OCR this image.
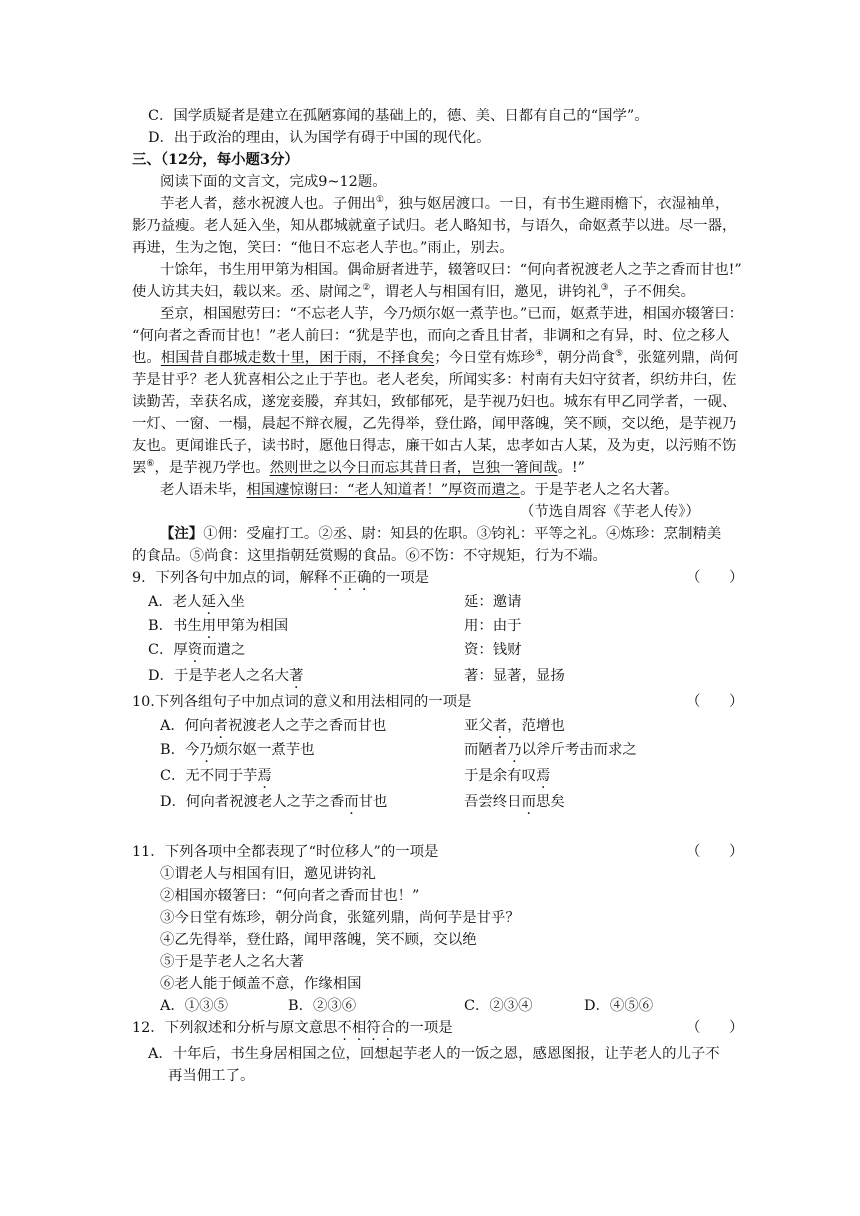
C．国学质疑者是建立在孤陋寡闻的基础上的，德、美、日都有自己的“国学”。
D．出于政治的理由，认为国学有碍于中国的现代化。
三、（12分，每小题3分）
阅读下面的文言文，完成9~12题。
芋老人者，慈水祝渡人也。子佣出①，独与妪居渡口。一日，有书生避雨檐下，衣湿袖单，
影乃益瘦。老人延入坐，知从郡城就童子试归。老人略知书，与语久，命妪煮芋以进。尽一器，
再进，生为之饱，笑曰：“他日不忘老人芋也。”雨止，别去。
十馀年，书生用甲第为相国。偶命厨者进芋，辍箸叹曰：“何向者祝渡老人之芋之香而甘也!”
使人访其夫妇，载以来。丞、尉闻之②，谓老人与相国有旧，邀见，讲钧礼③，子不佣矣。
至京，相国慰劳曰：“不忘老人芋，今乃烦尔妪一煮芋也。”已而，妪煮芋进，相国亦辍箸曰：
“何向者之香而甘也！”老人前曰：“犹是芋也，而向之香且甘者，非调和之有异，时、位之移人
也。相国昔自郡城走数十里，困于雨，不择食矣；今日堂有炼珍④，朝分尚食⑤，张筵列鼎，尚何
芋是甘乎？老人犹喜相公之止于芋也。老人老矣，所闻实多：村南有夫妇守贫者，织纺井臼，佐
读勤苦，幸获名成，遂宠妾媵，弃其妇，致郁郁死，是芋视乃妇也。城东有甲乙同学者，一砚、
一灯、一窗、一榻，晨起不辩衣履，乙先得举，登仕路，闻甲落魄，笑不顾，交以绝，是芋视乃
友也。更闻谁氏子，读书时，愿他日得志，廉干如古人某，忠孝如古人某，及为吏，以污贿不饬
罢⑥，是芋视乃学也。然则世之以今日而忘其昔日者，岂独一箸间哉。!”
老人语未毕，相国遽惊谢曰：“老人知道者！”厚资而遣之。于是芋老人之名大著。
（节选自周容《芋老人传》）
【注】①佣：受雇打工。②丞、尉：知县的佐职。③钧礼：平等之礼。④炼珍：烹制精美
的食品。⑤尚食：这里指朝廷赏赐的食品。⑥不饬：不守规矩，行为不端。
9．下列各句中加点的词，解释不正确的一项是	（　　）
A．老人延入坐	延：邀请
B．书生用甲第为相国	用：由于
C．厚资而遣之	资：钱财
D．于是芋老人之名大著	著：显著，显扬
10.下列各组句子中加点词的意义和用法相同的一项是	（　　）
A．何向者祝渡老人之芋之香而甘也	亚父者，范增也
B．今乃烦尔妪一煮芋也	而陋者乃以斧斤考击而求之
C．无不同于芋焉	于是余有叹焉
D．何向者祝渡老人之芋之香而甘也	吾尝终日而思矣
11．下列各项中全都表现了“时位移人”的一项是	（　　）
①谓老人与相国有旧，邀见讲钧礼
②相国亦辍箸曰：“何向者之香而甘也！”
③今日堂有炼珍，朝分尚食，张筵列鼎，尚何芋是甘乎？
④乙先得举，登仕路，闻甲落魄，笑不顾，交以绝
⑤于是芋老人之名大著
⑥老人能于倾盖不意，作缘相国
A．①③⑤	B．②③⑥	C．②③④	D．④⑤⑥
12．下列叙述和分析与原文意思不相符合的一项是	（　　）
A．十年后，书生身居相国之位，回想起芋老人的一饭之恩，感恩图报，让芋老人的儿子不
再当佣工了。
